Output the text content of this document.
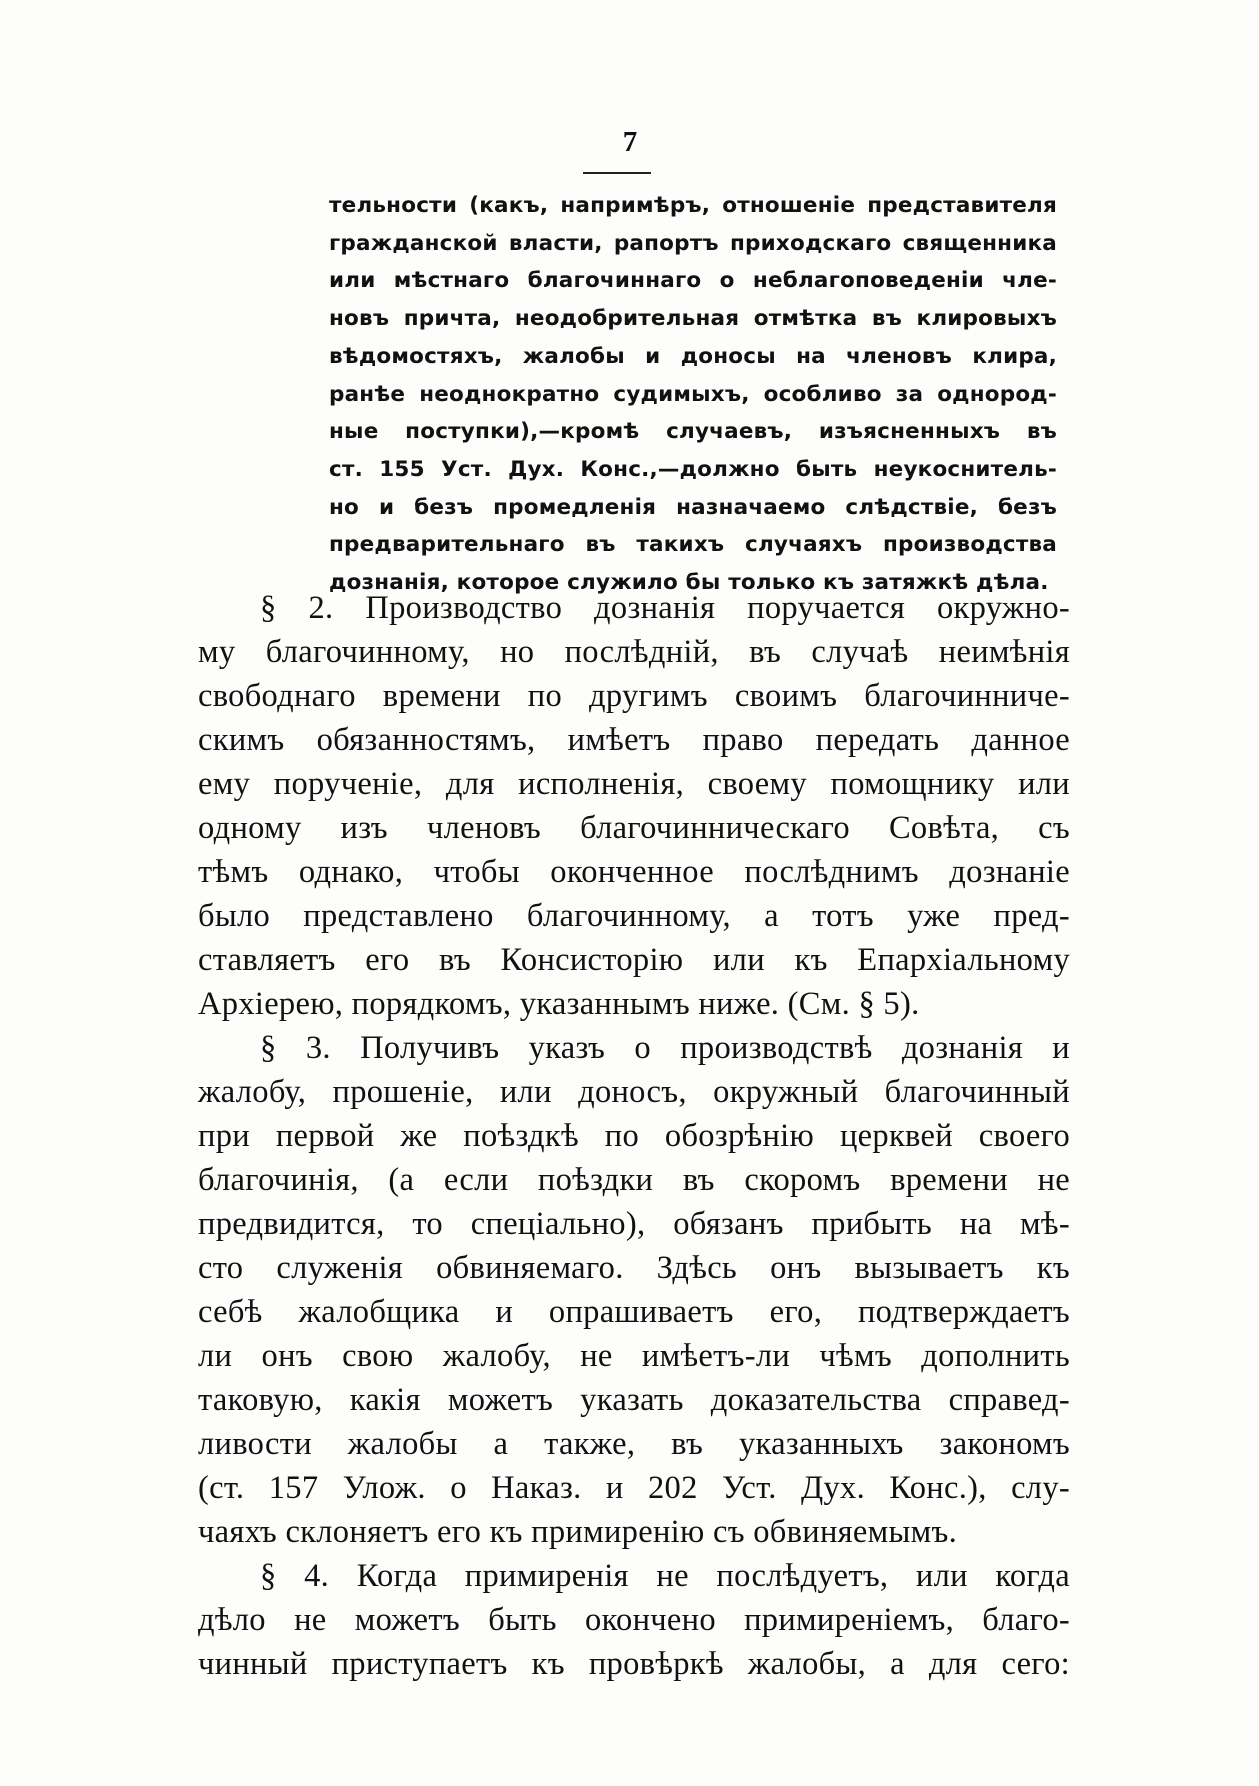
7
тельности (какъ, напримѣръ, отношеніе представителя
гражданской власти, рапортъ приходскаго священника
или мѣстнаго благочиннаго о неблагоповеденіи чле-
новъ причта, неодобрительная отмѣтка въ клировыхъ
вѣдомостяхъ, жалобы и доносы на членовъ клира,
ранѣе неоднократно судимыхъ, особливо за однород-
ные поступки),—кромѣ случаевъ, изъясненныхъ въ
ст. 155 Уст. Дух. Конс.,—должно быть неукоснитель-
но и безъ промедленія назначаемо слѣдствіе, безъ
предварительнаго въ такихъ случаяхъ производства
дознанія, которое служило бы только къ затяжкѣ дѣла.
§ 2. Производство дознанія поручается окружно-
му благочинному, но послѣдній, въ случаѣ неимѣнія
свободнаго времени по другимъ своимъ благочинниче-
скимъ обязанностямъ, имѣетъ право передать данное
ему порученіе, для исполненія, своему помощнику или
одному изъ членовъ благочинническаго Совѣта, съ
тѣмъ однако, чтобы оконченное послѣднимъ дознаніе
было представлено благочинному, а тотъ уже пред-
ставляетъ его въ Консисторію или къ Епархіальному
Архіерею, порядкомъ, указаннымъ ниже. (См. § 5).
§ 3. Получивъ указъ о производствѣ дознанія и
жалобу, прошеніе, или доносъ, окружный благочинный
при первой же поѣздкѣ по обозрѣнію церквей своего
благочинія, (а если поѣздки въ скоромъ времени не
предвидится, то спеціально), обязанъ прибыть на мѣ-
сто служенія обвиняемаго. Здѣсь онъ вызываетъ къ
себѣ жалобщика и опрашиваетъ его, подтверждаетъ
ли онъ свою жалобу, не имѣетъ-ли чѣмъ дополнить
таковую, какія можетъ указать доказательства справед-
ливости жалобы а также, въ указанныхъ закономъ
(ст. 157 Улож. о Наказ. и 202 Уст. Дух. Конс.), слу-
чаяхъ склоняетъ его къ примиренію съ обвиняемымъ.
§ 4. Когда примиренія не послѣдуетъ, или когда
дѣло не можетъ быть окончено примиреніемъ, благо-
чинный приступаетъ къ провѣркѣ жалобы, а для сего:
